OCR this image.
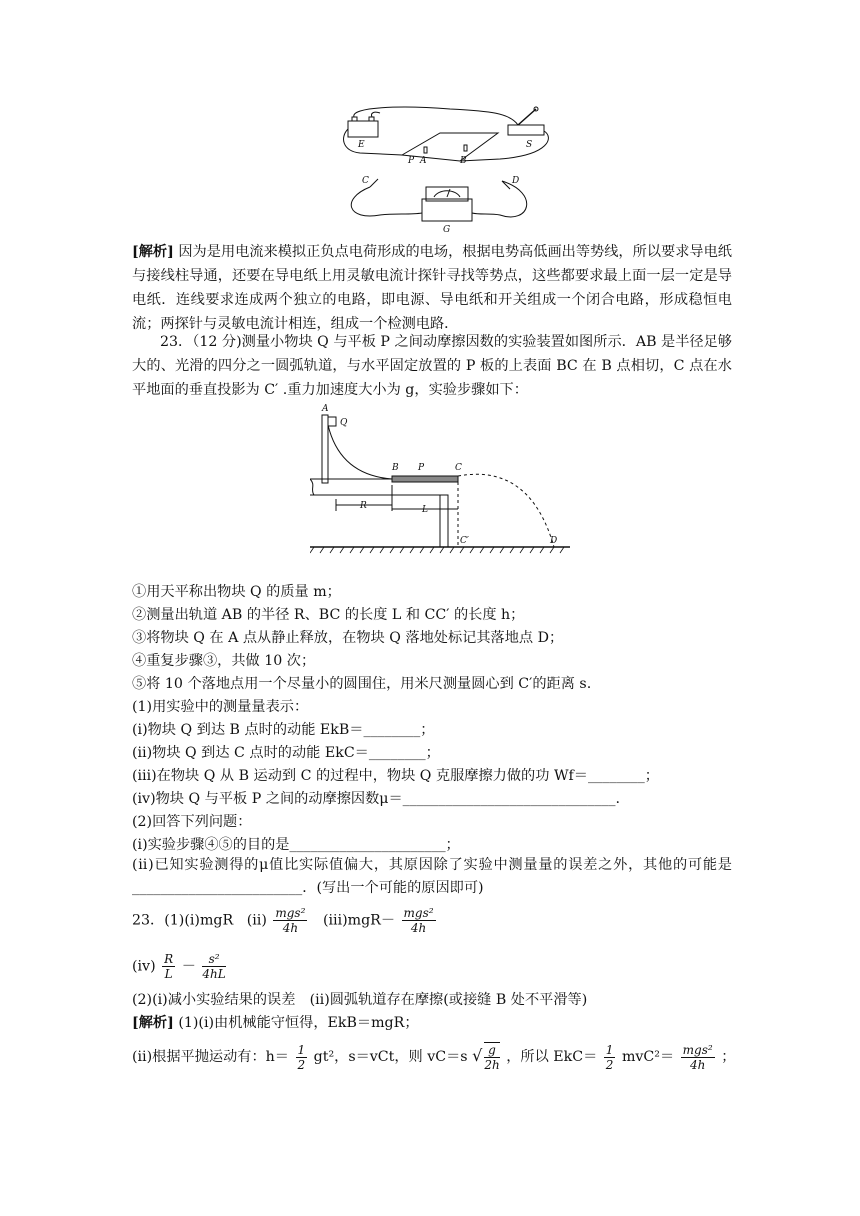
E
P A	B
S
C	D
G

[解析] 因为是用电流来模拟正负点电荷形成的电场，根据电势高低画出等势线，所以要求导电纸与接线柱导通，还要在导电纸上用灵敏电流计探针寻找等势点，这些都要求最上面一层一定是导电纸．连线要求连成两个独立的电路，即电源、导电纸和开关组成一个闭合电路，形成稳恒电流；两探针与灵敏电流计相连，组成一个检测电路．

23．（12 分)测量小物块 Q 与平板 P 之间动摩擦因数的实验装置如图所示．AB 是半径足够大的、光滑的四分之一圆弧轨道，与水平固定放置的 P 板的上表面 BC 在 B 点相切，C 点在水平地面的垂直投影为 C′ .重力加速度大小为 g，实验步骤如下：

A
Q
B P	C
R	L
C′	D

①用天平称出物块 Q 的质量 m；

②测量出轨道 AB 的半径 R、BC 的长度 L 和 CC′ 的长度 h；

③将物块 Q 在 A 点从静止释放，在物块 Q 落地处标记其落地点 D；

④重复步骤③，共做 10 次；

⑤将 10 个落地点用一个尽量小的圆围住，用米尺测量圆心到 C′的距离 s.

(1)用实验中的测量量表示：

(ⅰ)物块 Q 到达 B 点时的动能 EkB＝________；

(ⅱ)物块 Q 到达 C 点时的动能 EkC＝________；

(ⅲ)在物块 Q 从 B 运动到 C 的过程中，物块 Q 克服摩擦力做的功 Wf＝________；

(ⅳ)物块 Q 与平板 P 之间的动摩擦因数μ＝______________________________.

(2)回答下列问题：

(ⅰ)实验步骤④⑤的目的是______________________；

(ⅱ)已知实验测得的μ值比实际值偏大，其原因除了实验中测量量的误差之外，其他的可能是________________________．(写出一个可能的原因即可)

23．(1)(ⅰ)mgR (ⅱ) $\frac{\text{mgs²}}{4h}$ (ⅲ)mgR－ $\frac{\text{mgs²}}{4h}$
(ⅳ) $\frac{R}{L} - \frac{\text{s²}}{4hL}$

(2)(ⅰ)减小实验结果的误差　(ⅱ)圆弧轨道存在摩擦(或接缝 B 处不平滑等)

[解析] (1)(ⅰ)由机械能守恒得，EkB＝mgR；

(ⅱ)根据平抛运动有：$h= \frac{1}{2} gt^2$，s＝vCt，则 vC＝s √ $\frac{g}{2h}$ ，所以 $EkC= \frac{1}{2} mvC^2= \frac{\text{mgs²}}{4h}$ ；
